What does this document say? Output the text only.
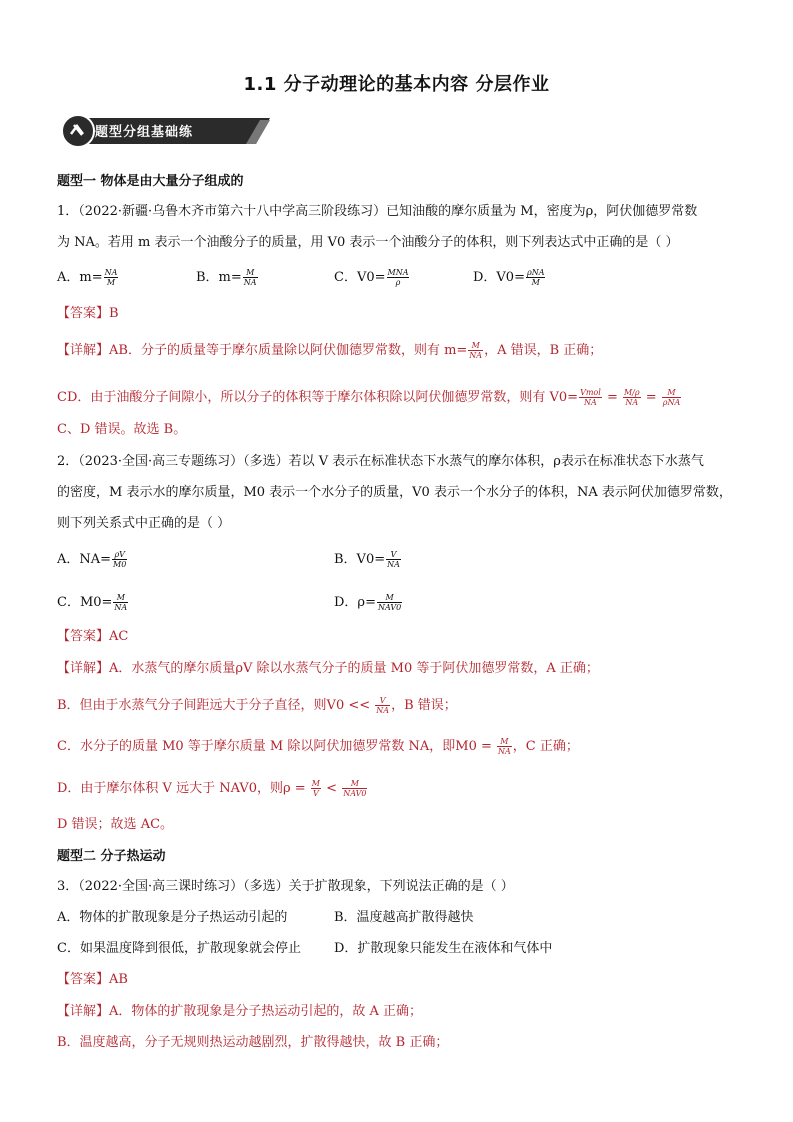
1.1 分子动理论的基本内容 分层作业
题型分组基础练
题型一 物体是由大量分子组成的
1．（2022·新疆·乌鲁木齐市第六十八中学高三阶段练习）已知油酸的摩尔质量为 M，密度为ρ，阿伏伽德罗常数
为 NA。若用 m 表示一个油酸分子的质量，用 V0 表示一个油酸分子的体积，则下列表达式中正确的是（ ）
A．$m= \frac{NA}{M}$	B．$m= \frac{M}{NA}$	C．$V0= \frac{\text{MNA}}{\rho}$	D．$V0= \frac{\text{ρNA}}{M}$
【答案】B
【详解】AB．分子的质量等于摩尔质量除以阿伏伽德罗常数，则有 $m= \frac{M}{NA}$ ，A 错误，B 正确；
CD．由于油酸分子间隙小，所以分子的体积等于摩尔体积除以阿伏伽德罗常数，则有 $V0= \frac{\text{Vmol}}{NA} = \frac{M/\rho}{NA} = \frac{M}{\text{ρNA}}$
C、D 错误。故选 B。
2．（2023·全国·高三专题练习）（多选）若以 V 表示在标准状态下水蒸气的摩尔体积，ρ表示在标准状态下水蒸气
的密度，M 表示水的摩尔质量，M0 表示一个水分子的质量，V0 表示一个水分子的体积，NA 表示阿伏加德罗常数，
则下列关系式中正确的是（ ）
A．$NA= \frac{\rho V}{M0}$	B．$V0= \frac{V}{NA}$
C．$M0= \frac{M}{NA}$	D．$\rho= \frac{M}{\text{NAV0}}$
【答案】AC
【详解】A．水蒸气的摩尔质量ρV 除以水蒸气分子的质量 M0 等于阿伏加德罗常数，A 正确；
B．但由于水蒸气分子间距远大于分子直径，则$V0 << \frac{V}{NA}$ ，B 错误；
C．水分子的质量 M0 等于摩尔质量 M 除以阿伏加德罗常数 NA，即$M0 = \frac{M}{NA}$ ，C 正确；
D．由于摩尔体积 V 远大于 NAV0，则$\rho = \frac{M}{V} < \frac{M}{\text{NAV0}}$
D 错误；故选 AC。
题型二 分子热运动
3．（2022·全国·高三课时练习）（多选）关于扩散现象，下列说法正确的是（ ）
A．物体的扩散现象是分子热运动引起的	B．温度越高扩散得越快
C．如果温度降到很低，扩散现象就会停止	D．扩散现象只能发生在液体和气体中
【答案】AB
【详解】A．物体的扩散现象是分子热运动引起的，故 A 正确；
B．温度越高，分子无规则热运动越剧烈，扩散得越快，故 B 正确；
